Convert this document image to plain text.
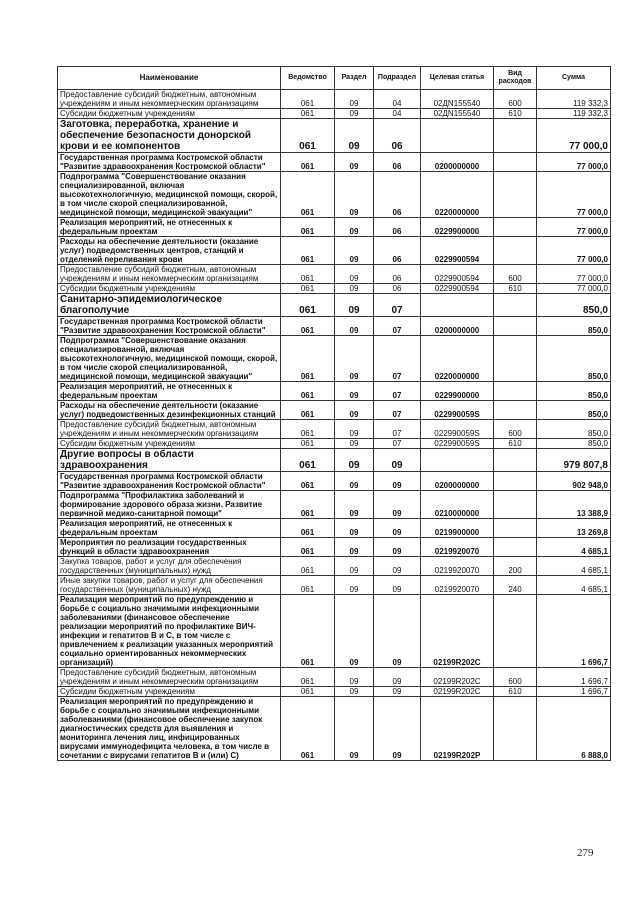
Наименование	Ведомство	Раздел	Подраздел	Целевая статья	Вид расходов	Сумма
Предоставление субсидий бюджетным, автономным учреждениям и иным некоммерческим организациям	061	09	04	02ДN155540	600	119 332,3
Субсидии бюджетным учреждениям	061	09	04	02ДN155540	610	119 332,3
Заготовка, переработка, хранение и обеспечение безопасности донорской крови и ее компонентов	061	09	06			77 000,0
Государственная программа Костромской области "Развитие здравоохранения Костромской области"	061	09	06	0200000000		77 000,0
Подпрограмма "Совершенствование оказания специализированной, включая высокотехнологичную, медицинской помощи, скорой, в том числе скорой специализированной, медицинской помощи, медицинской эвакуации"	061	09	06	0220000000		77 000,0
Реализация мероприятий, не отнесенных к федеральным проектам	061	09	06	0229900000		77 000,0
Расходы на обеспечение деятельности (оказание услуг) подведомственных центров, станций и отделений переливания крови	061	09	06	0229900594		77 000,0
Предоставление субсидий бюджетным, автономным учреждениям и иным некоммерческим организациям	061	09	06	0229900594	600	77 000,0
Субсидии бюджетным учреждениям	061	09	06	0229900594	610	77 000,0
Санитарно-эпидемиологическое благополучие	061	09	07			850,0
Государственная программа Костромской области "Развитие здравоохранения Костромской области"	061	09	07	0200000000		850,0
Подпрограмма "Совершенствование оказания специализированной, включая высокотехнологичную, медицинской помощи, скорой, в том числе скорой специализированной, медицинской помощи, медицинской эвакуации"	061	09	07	0220000000		850,0
Реализация мероприятий, не отнесенных к федеральным проектам	061	09	07	0229900000		850,0
Расходы на обеспечение деятельности (оказание услуг) подведомственных дезинфекционных станций	061	09	07	022990059S		850,0
Предоставление субсидий бюджетным, автономным учреждениям и иным некоммерческим организациям	061	09	07	022990059S	600	850,0
Субсидии бюджетным учреждениям	061	09	07	022990059S	610	850,0
Другие вопросы в области здравоохранения	061	09	09			979 807,8
Государственная программа Костромской области "Развитие здравоохранения Костромской области"	061	09	09	0200000000		902 948,0
Подпрограмма "Профилактика заболеваний и формирование здорового образа жизни. Развитие первичной медико-санитарной помощи"	061	09	09	0210000000		13 388,9
Реализация мероприятий, не отнесенных к федеральным проектам	061	09	09	0219900000		13 269,8
Мероприятия по реализации государственных функций в области здравоохранения	061	09	09	0219920070		4 685,1
Закупка товаров, работ и услуг для обеспечения государственных (муниципальных) нужд	061	09	09	0219920070	200	4 685,1
Иные закупки товаров, работ и услуг для обеспечения государственных (муниципальных) нужд	061	09	09	0219920070	240	4 685,1
Реализация мероприятий по предупреждению и борьбе с социально значимыми инфекционными заболеваниями (финансовое обеспечение реализации мероприятий по профилактике ВИЧ-инфекции и гепатитов В и С, в том числе с привлечением к реализации указанных мероприятий социально ориентированных некоммерческих организаций)	061	09	09	02199R202C		1 696,7
Предоставление субсидий бюджетным, автономным учреждениям и иным некоммерческим организациям	061	09	09	02199R202C	600	1 696,7
Субсидии бюджетным учреждениям	061	09	09	02199R202C	610	1 696,7
Реализация мероприятий по предупреждению и борьбе с социально значимыми инфекционными заболеваниями (финансовое обеспечение закупок диагностических средств для выявления и мониторинга лечения лиц, инфицированных вирусами иммунодефицита человека, в том числе в сочетании с вирусами гепатитов В и (или) С)	061	09	09	02199R202P		6 888,0
279
